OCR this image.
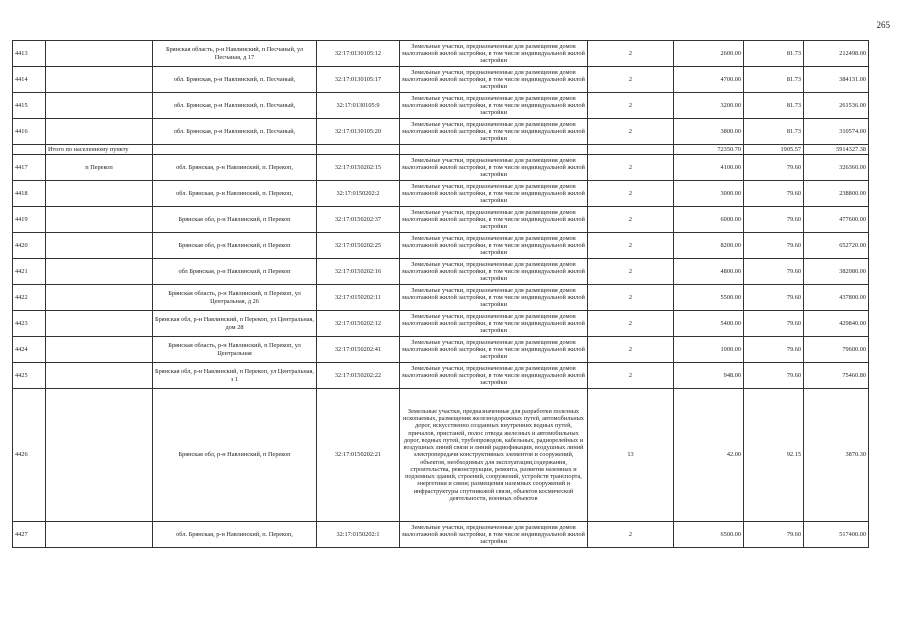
265
4413		Брянская область, р-н Навлинский, п Песчаный, ул Песчаная, д 17	32:17:0130105:12	Земельные участки, предназначенные для размещения домов малоэтажной жилой застройки, в том числе индивидуальной жилой застройки	2	2600.00	81.73	212498.00
4414		обл. Брянская, р-н Навлинский, п. Песчаный,	32:17:0130105:17	Земельные участки, предназначенные для размещения домов малоэтажной жилой застройки, в том числе индивидуальной жилой застройки	2	4700.00	81.73	384131.00
4415		обл. Брянская, р-н Навлинский, п. Песчаный,	32:17:0130105:9	Земельные участки, предназначенные для размещения домов малоэтажной жилой застройки, в том числе индивидуальной жилой застройки	2	3200.00	81.73	261536.00
4416		обл. Брянская, р-н Навлинский, п. Песчаный,	32:17:0130105:20	Земельные участки, предназначенные для размещения домов малоэтажной жилой застройки, в том числе индивидуальной жилой застройки	2	3800.00	81.73	310574.00
	Итого по населенному пункту					72350.70	1905.57	5914327.38
4417	п Перекоп	обл. Брянская, р-н Навлинский, п. Перекоп,	32:17:0150202:15	Земельные участки, предназначенные для размещения домов малоэтажной жилой застройки, в том числе индивидуальной жилой застройки	2	4100.00	79.60	326360.00
4418		обл. Брянская, р-н Навлинский, п. Перекоп,	32:17:0150202:2	Земельные участки, предназначенные для размещения домов малоэтажной жилой застройки, в том числе индивидуальной жилой застройки	2	3000.00	79.60	238800.00
4419		Брянская обл, р-н Навлинский, п Перекоп	32:17:0150202:37	Земельные участки, предназначенные для размещения домов малоэтажной жилой застройки, в том числе индивидуальной жилой застройки	2	6000.00	79.60	477600.00
4420		Брянская обл, р-н Навлинский, п Перекоп	32:17:0150202:25	Земельные участки, предназначенные для размещения домов малоэтажной жилой застройки, в том числе индивидуальной жилой застройки	2	8200.00	79.60	652720.00
4421		обл Брянская, р-н Навлинский, п Перекоп	32:17:0150202:16	Земельные участки, предназначенные для размещения домов малоэтажной жилой застройки, в том числе индивидуальной жилой застройки	2	4800.00	79.60	382080.00
4422		Брянская область, р-н Навлинский, п Перекоп, ул Центральная, д 26	32:17:0150202:11	Земельные участки, предназначенные для размещения домов малоэтажной жилой застройки, в том числе индивидуальной жилой застройки	2	5500.00	79.60	437800.00
4423		Брянская обл, р-н Навлинский, п Перекоп, ул Центральная, дом 28	32:17:0150202:12	Земельные участки, предназначенные для размещения домов малоэтажной жилой застройки, в том числе индивидуальной жилой застройки	2	5400.00	79.60	429840.00
4424		Брянская область, р-н Навлинский, п Перекоп, ул Центральная	32:17:0150202:41	Земельные участки, предназначенные для размещения домов малоэтажной жилой застройки, в том числе индивидуальной жилой застройки	2	1000.00	79.60	79600.00
4425		Брянская обл, р-н Навлинский, п Перекоп, ул Центральная, з 1	32:17:0150202:22	Земельные участки, предназначенные для размещения домов малоэтажной жилой застройки, в том числе индивидуальной жилой застройки	2	948.00	79.60	75460.80
4426		Брянская обл, р-н Навлинский, п Перекоп	32:17:0150202:21	Земельные участки, предназначенные для разработки полезных ископаемых, размещения железнодорожных путей, автомобильных дорог, искусственно созданных внутренних водных путей, причалов, пристаней, полос отвода железных и автомобильных дорог, водных путей, трубопроводов, кабельных, радиорелейных и воздушных линий связи и линий радиофикации, воздушных линий электропередачи конструктивных элементов и сооружений, объектов, необходимых для эксплуатации,содержания, строительства, реконструкции, ремонта, развития наземных и подземных зданий, строений, сооружений, устройств транспорта, энергетики и связи; размещения наземных сооружений и инфраструктуры спутниковой связи, объектов космической деятельности, военных объектов	13	42.00	92.15	3870.30
4427		обл. Брянская, р-н Навлинский, п. Перекоп,	32:17:0150202:1	Земельные участки, предназначенные для размещения домов малоэтажной жилой застройки, в том числе индивидуальной жилой застройки	2	6500.00	79.60	517400.00
